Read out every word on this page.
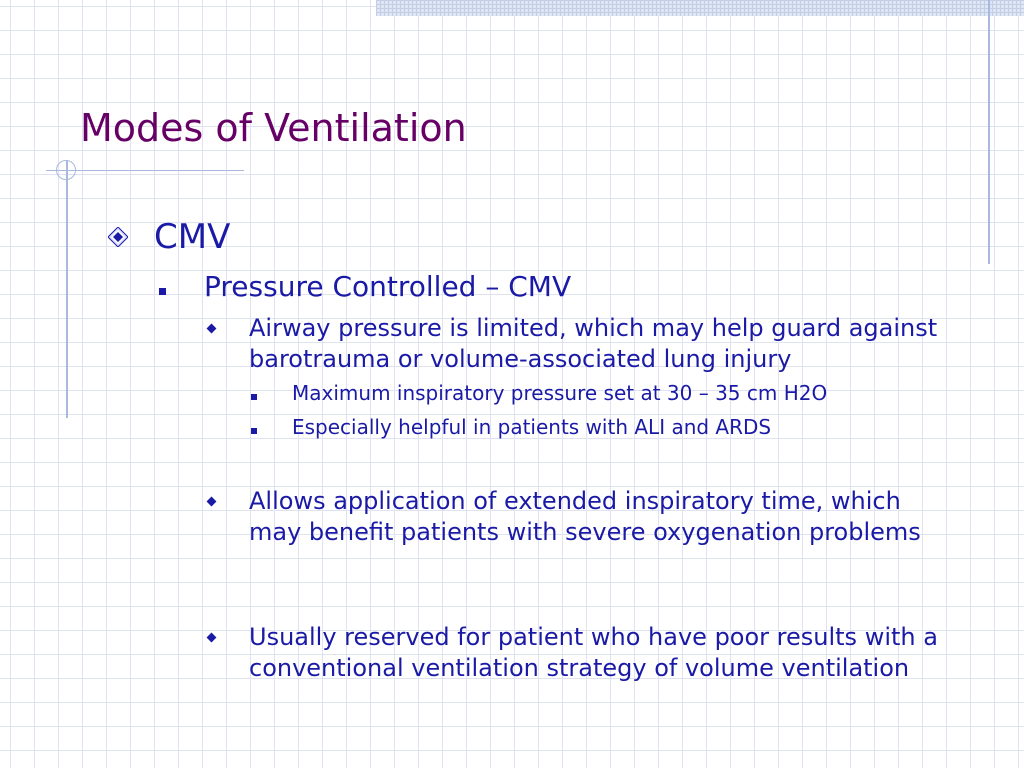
Modes of Ventilation
CMV
Pressure Controlled – CMV
Airway pressure is limited, which may help guard against barotrauma or volume-associated lung injury
Maximum inspiratory pressure set at 30 – 35 cm H2O
Especially helpful in patients with ALI and ARDS
Allows application of extended inspiratory time, which may benefit patients with severe oxygenation problems
Usually reserved for patient who have poor results with a conventional ventilation strategy of volume ventilation
